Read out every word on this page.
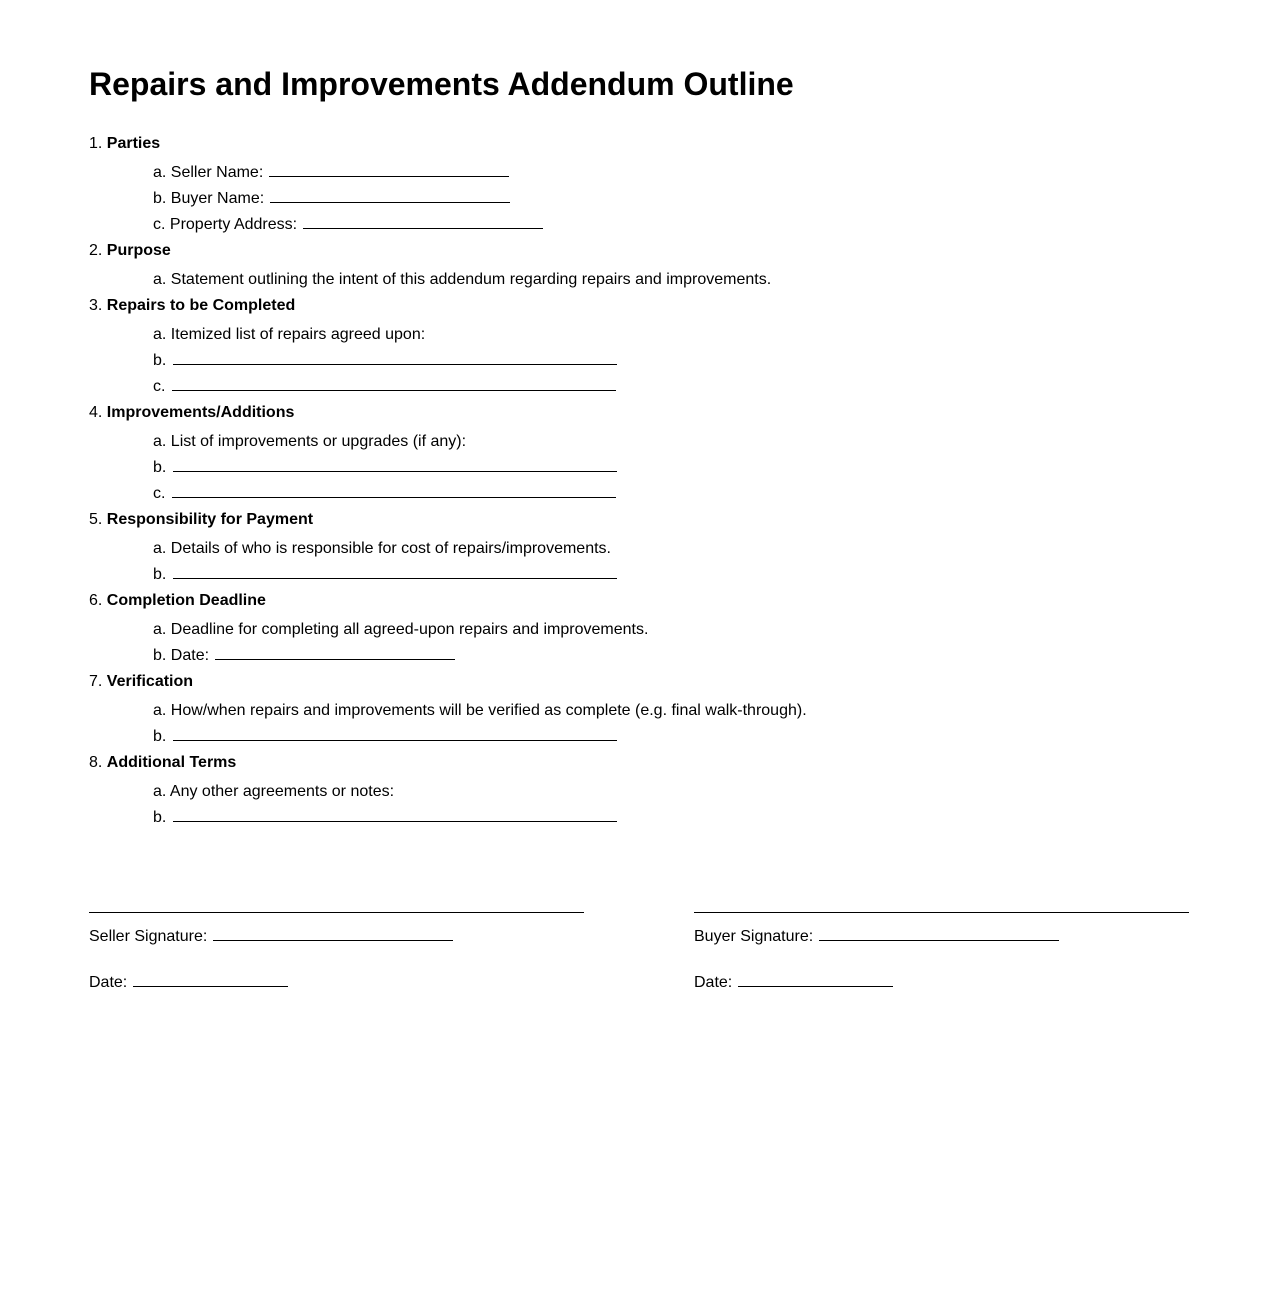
Repairs and Improvements Addendum Outline
1. Parties
a. Seller Name:
b. Buyer Name:
c. Property Address:
2. Purpose
a. Statement outlining the intent of this addendum regarding repairs and improvements.
3. Repairs to be Completed
a. Itemized list of repairs agreed upon:
b.
c.
4. Improvements/Additions
a. List of improvements or upgrades (if any):
b.
c.
5. Responsibility for Payment
a. Details of who is responsible for cost of repairs/improvements.
b.
6. Completion Deadline
a. Deadline for completing all agreed-upon repairs and improvements.
b. Date:
7. Verification
a. How/when repairs and improvements will be verified as complete (e.g. final walk-through).
b.
8. Additional Terms
a. Any other agreements or notes:
b.
Seller Signature:
Date:
Buyer Signature:
Date:
